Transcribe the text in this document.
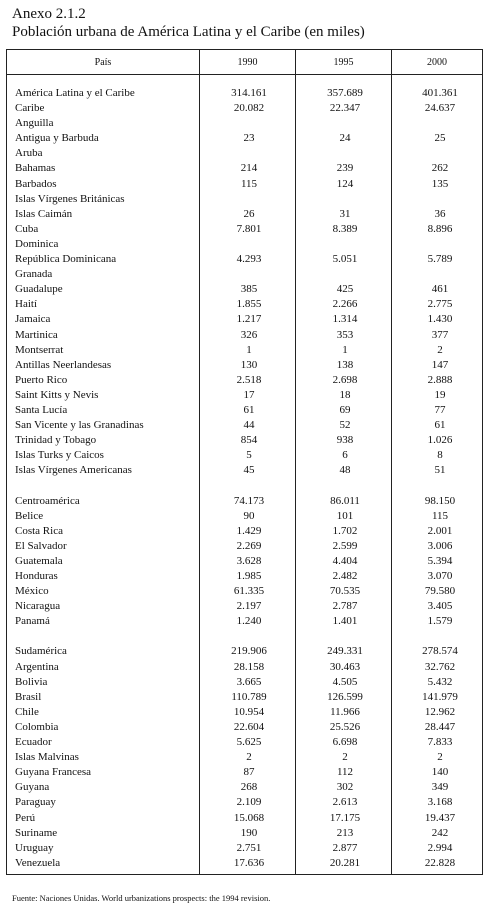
Anexo 2.1.2
Población urbana de América Latina y el Caribe (en miles)
País	1990	1995	2000
América Latina y el Caribe	314.161	357.689	401.361
Caribe	20.082	22.347	24.637
Anguilla
Antigua y Barbuda	23	24	25
Aruba
Bahamas	214	239	262
Barbados	115	124	135
Islas Vírgenes Británicas
Islas Caimán	26	31	36
Cuba	7.801	8.389	8.896
Dominica
República Dominicana	4.293	5.051	5.789
Granada
Guadalupe	385	425	461
Haití	1.855	2.266	2.775
Jamaica	1.217	1.314	1.430
Martinica	326	353	377
Montserrat	1	1	2
Antillas Neerlandesas	130	138	147
Puerto Rico	2.518	2.698	2.888
Saint Kitts y Nevis	17	18	19
Santa Lucía	61	69	77
San Vicente y las Granadinas	44	52	61
Trinidad y Tobago	854	938	1.026
Islas Turks y Caicos	5	6	8
Islas Vírgenes Americanas	45	48	51
Centroamérica	74.173	86.011	98.150
Belice	90	101	115
Costa Rica	1.429	1.702	2.001
El Salvador	2.269	2.599	3.006
Guatemala	3.628	4.404	5.394
Honduras	1.985	2.482	3.070
México	61.335	70.535	79.580
Nicaragua	2.197	2.787	3.405
Panamá	1.240	1.401	1.579
Sudamérica	219.906	249.331	278.574
Argentina	28.158	30.463	32.762
Bolivia	3.665	4.505	5.432
Brasil	110.789	126.599	141.979
Chile	10.954	11.966	12.962
Colombia	22.604	25.526	28.447
Ecuador	5.625	6.698	7.833
Islas Malvinas	2	2	2
Guyana Francesa	87	112	140
Guyana	268	302	349
Paraguay	2.109	2.613	3.168
Perú	15.068	17.175	19.437
Suriname	190	213	242
Uruguay	2.751	2.877	2.994
Venezuela	17.636	20.281	22.828
Fuente: Naciones Unidas. World urbanizations prospects: the 1994 revision.
